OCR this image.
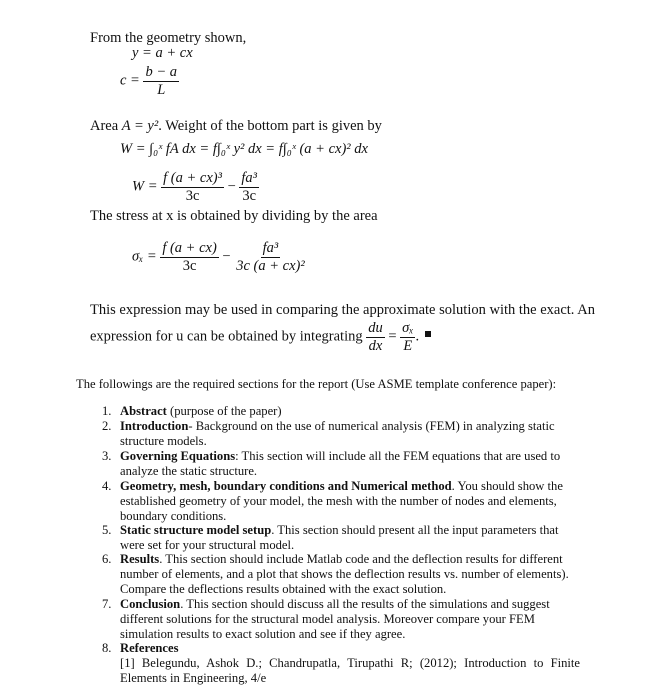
From the geometry shown,
y = a + cx
$c = \frac{b - a}{L}$
Area A = y². Weight of the bottom part is given by
W = ∫₀ˣ fA dx = f∫₀ˣ y² dx = f∫₀ˣ (a + cx)² dx
$W = \frac{\text{f (a + cx)³}}{3c} - \frac{\text{fa³}}{3c}$
The stress at x is obtained by dividing by the area
$\sigma_x = \frac{f (a + cx)}{3c} - \frac{\text{fa³}}{\text{3c (a + cx)²}}$
This expression may be used in comparing the approximate solution with the exact. An
expression for u can be obtained by integrating $\frac{du}{dx} = \frac{\text{σₓ}}{E}$ .
The followings are the required sections for the report (Use ASME template conference paper):
1. Abstract (purpose of the paper)
2. Introduction- Background on the use of numerical analysis (FEM) in analyzing static structure models.
3. Governing Equations: This section will include all the FEM equations that are used to analyze the static structure.
4. Geometry, mesh, boundary conditions and Numerical method. You should show the established geometry of your model, the mesh with the number of nodes and elements, boundary conditions.
5. Static structure model setup. This section should present all the input parameters that were set for your structural model.
6. Results. This section should include Matlab code and the deflection results for different number of elements, and a plot that shows the deflection results vs. number of elements). Compare the deflections results obtained with the exact solution.
7. Conclusion. This section should discuss all the results of the simulations and suggest different solutions for the structural model analysis. Moreover compare your FEM simulation results to exact solution and see if they agree.
8. References
[1] Belegundu, Ashok D.; Chandrupatla, Tirupathi R; (2012); Introduction to Finite Elements in Engineering, 4/e
